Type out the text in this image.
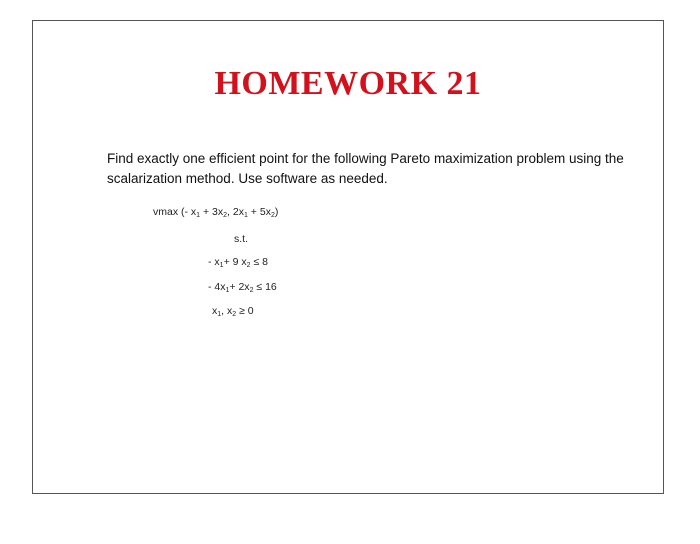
HOMEWORK 21
Find exactly one efficient point for the following Pareto maximization problem using the scalarization method. Use software as needed.
vmax (- $x_1 + 3x_2$, $2x_1 + 5x_2$)
s.t.
- $x_1+ 9$ $x_2 \le 8$
- $4x_1+ 2x_2 \le 16$
$x_1$, $x_2 \ge 0$
